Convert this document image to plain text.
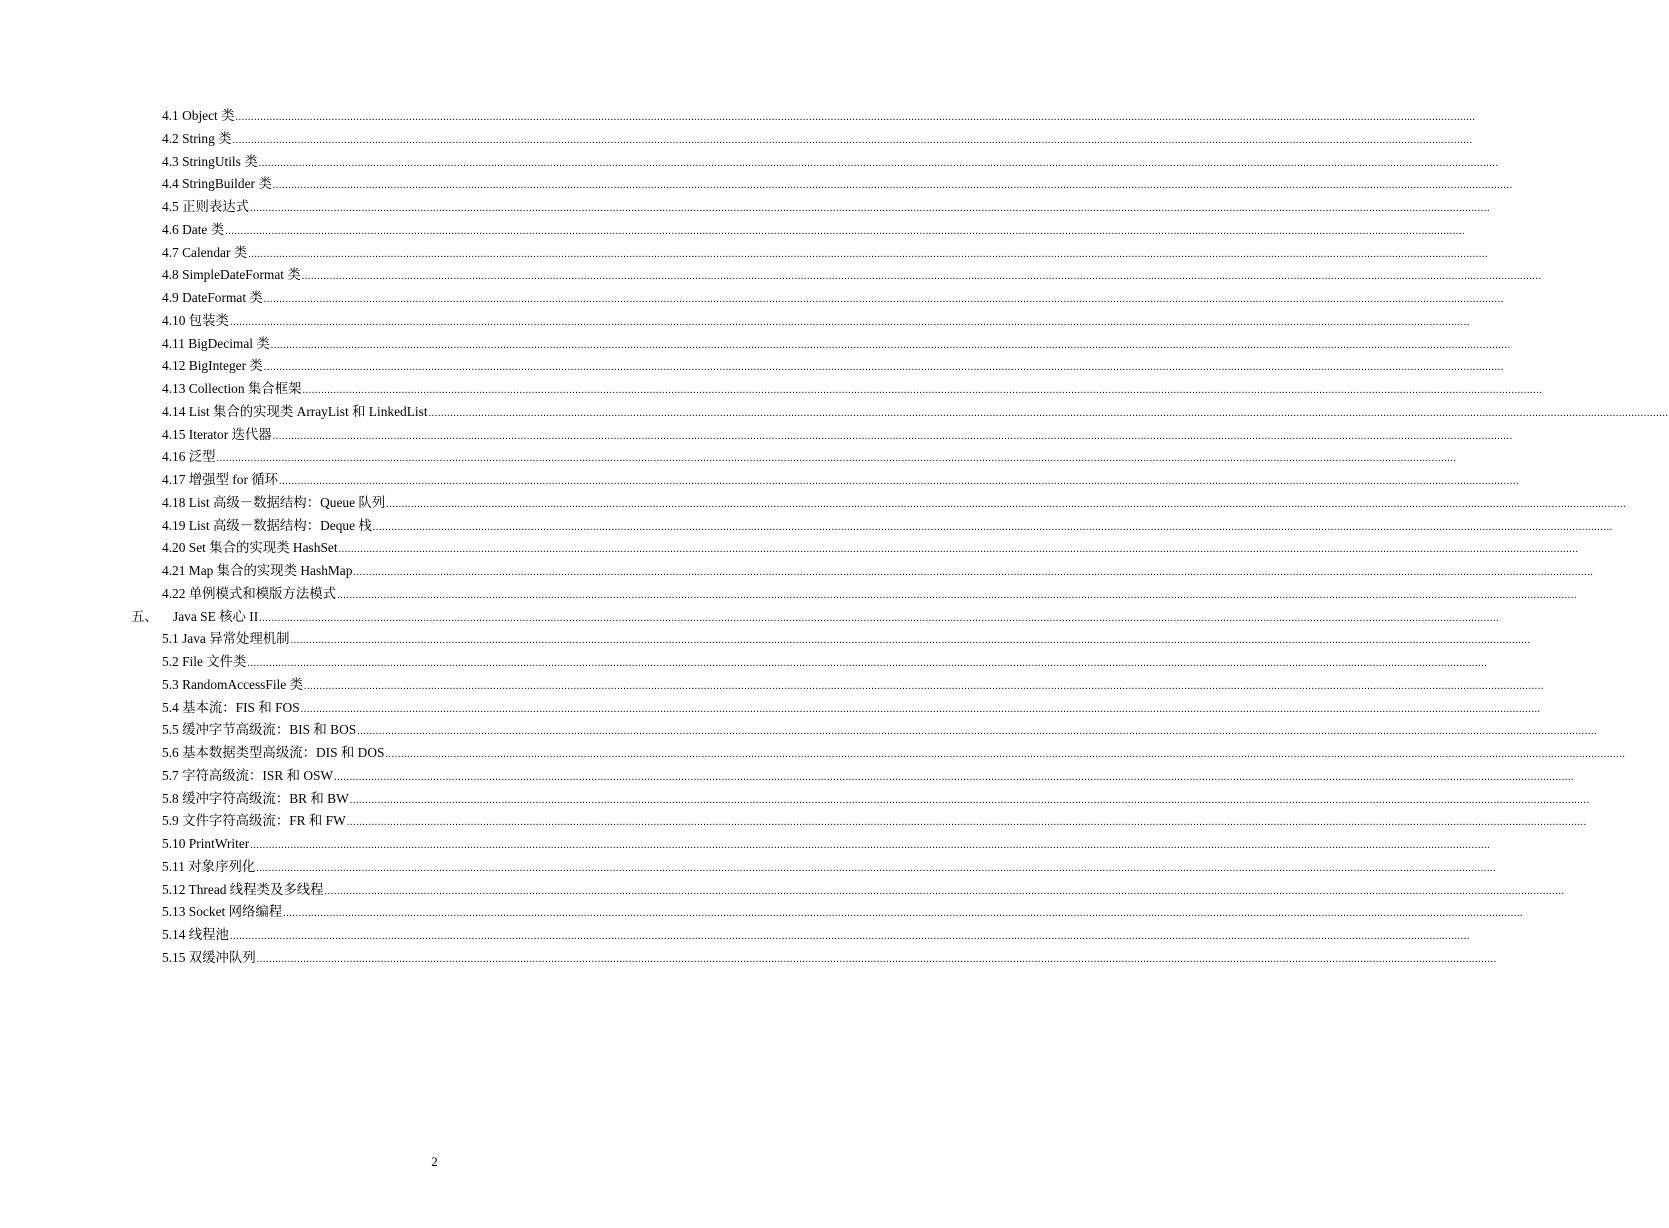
4.1 Object 类 ................................................................................................................................................................................................................................................................................................................................................................................................................
4.2 String 类 ................................................................................................................................................................................................................................................................................................................................................................................................................
4.3 StringUtils 类 ................................................................................................................................................................................................................................................................................................................................................................................................................
4.4 StringBuilder 类 ................................................................................................................................................................................................................................................................................................................................................................................................................
4.5 正则表达式 ................................................................................................................................................................................................................................................................................................................................................................................................................
4.6 Date 类 ................................................................................................................................................................................................................................................................................................................................................................................................................
4.7 Calendar 类 ................................................................................................................................................................................................................................................................................................................................................................................................................
4.8 SimpleDateFormat 类 ................................................................................................................................................................................................................................................................................................................................................................................................................
4.9 DateFormat 类 ................................................................................................................................................................................................................................................................................................................................................................................................................
4.10 包装类 ................................................................................................................................................................................................................................................................................................................................................................................................................
4.11 BigDecimal 类 ................................................................................................................................................................................................................................................................................................................................................................................................................
4.12 BigInteger 类 ................................................................................................................................................................................................................................................................................................................................................................................................................
4.13 Collection 集合框架 ................................................................................................................................................................................................................................................................................................................................................................................................................
4.14 List 集合的实现类 ArrayList 和 LinkedList ................................................................................................................................................................................................................................................................................................................................................................................................................
4.15 Iterator 迭代器 ................................................................................................................................................................................................................................................................................................................................................................................................................
4.16 泛型 ................................................................................................................................................................................................................................................................................................................................................................................................................
4.17 增强型 for 循环 ................................................................................................................................................................................................................................................................................................................................................................................................................
4.18 List 高级－数据结构：Queue 队列 ................................................................................................................................................................................................................................................................................................................................................................................................................
4.19 List 高级－数据结构：Deque 栈 ................................................................................................................................................................................................................................................................................................................................................................................................................
4.20 Set 集合的实现类 HashSet ................................................................................................................................................................................................................................................................................................................................................................................................................
4.21 Map 集合的实现类 HashMap ................................................................................................................................................................................................................................................................................................................................................................................................................
4.22 单例模式和模版方法模式 ................................................................................................................................................................................................................................................................................................................................................................................................................
五、	Java SE 核心 II ................................................................................................................................................................................................................................................................................................................................................................................................................
5.1 Java 异常处理机制 ................................................................................................................................................................................................................................................................................................................................................................................................................
5.2 File 文件类 ................................................................................................................................................................................................................................................................................................................................................................................................................
5.3 RandomAccessFile 类 ................................................................................................................................................................................................................................................................................................................................................................................................................
5.4 基本流：FIS 和 FOS ................................................................................................................................................................................................................................................................................................................................................................................................................
5.5 缓冲字节高级流：BIS 和 BOS ................................................................................................................................................................................................................................................................................................................................................................................................................
5.6 基本数据类型高级流：DIS 和 DOS ................................................................................................................................................................................................................................................................................................................................................................................................................
5.7 字符高级流：ISR 和 OSW ................................................................................................................................................................................................................................................................................................................................................................................................................
5.8 缓冲字符高级流：BR 和 BW ................................................................................................................................................................................................................................................................................................................................................................................................................
5.9 文件字符高级流：FR 和 FW ................................................................................................................................................................................................................................................................................................................................................................................................................
5.10 PrintWriter ................................................................................................................................................................................................................................................................................................................................................................................................................
5.11 对象序列化 ................................................................................................................................................................................................................................................................................................................................................................................................................
5.12 Thread 线程类及多线程 ................................................................................................................................................................................................................................................................................................................................................................................................................
5.13 Socket 网络编程 ................................................................................................................................................................................................................................................................................................................................................................................................................
5.14 线程池 ................................................................................................................................................................................................................................................................................................................................................................................................................
5.15 双缓冲队列 ................................................................................................................................................................................................................................................................................................................................................................................................................
2
